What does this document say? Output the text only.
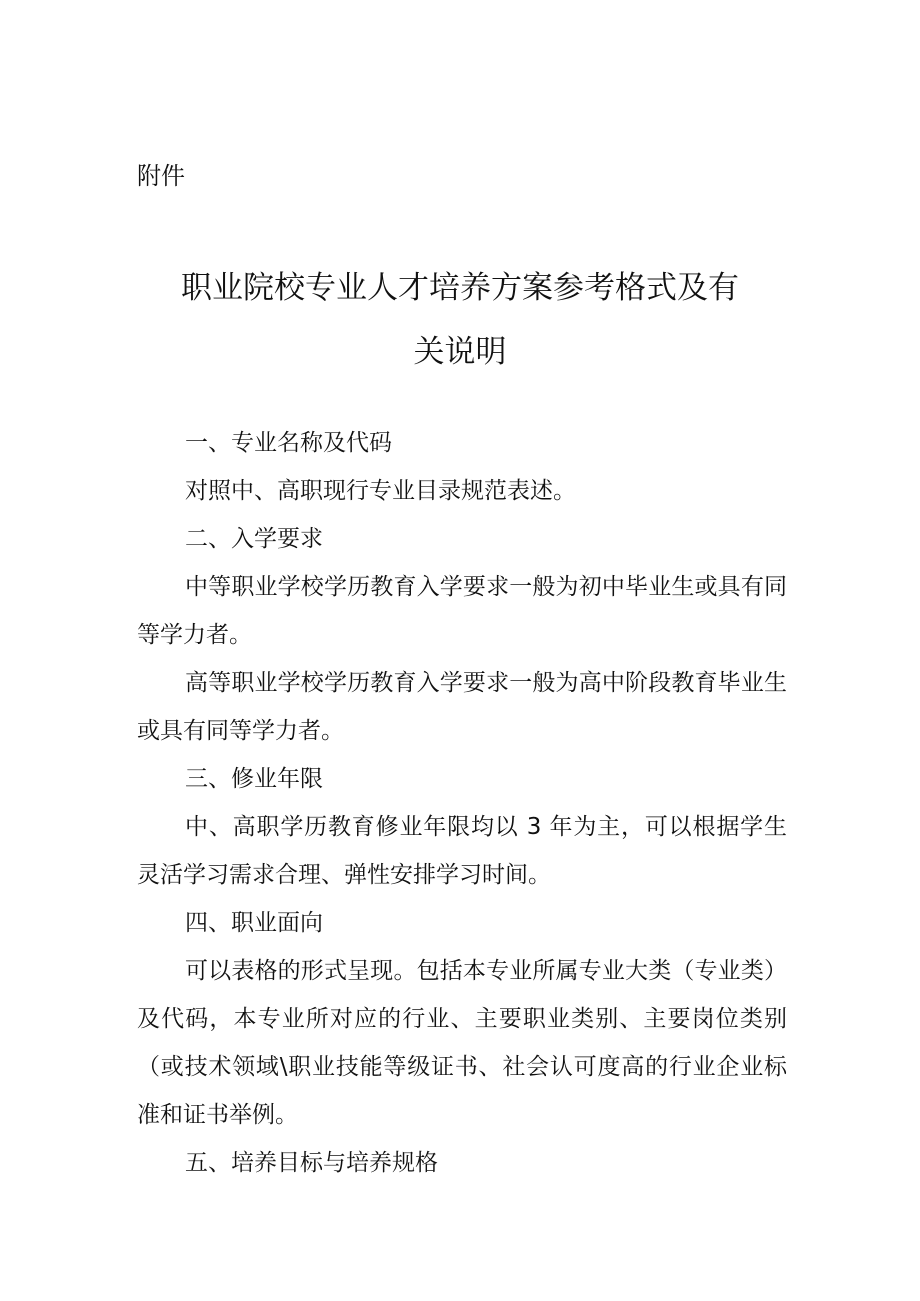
附件
职业院校专业人才培养方案参考格式及有
关说明
一、专业名称及代码
对照中、高职现行专业目录规范表述。
二、入学要求
中等职业学校学历教育入学要求一般为初中毕业生或具有同等学力者。
高等职业学校学历教育入学要求一般为高中阶段教育毕业生或具有同等学力者。
三、修业年限
中、高职学历教育修业年限均以 3 年为主，可以根据学生灵活学习需求合理、弹性安排学习时间。
四、职业面向
可以表格的形式呈现。包括本专业所属专业大类（专业类）及代码，本专业所对应的行业、主要职业类别、主要岗位类别（或技术领域\职业技能等级证书、社会认可度高的行业企业标准和证书举例。
五、培养目标与培养规格
